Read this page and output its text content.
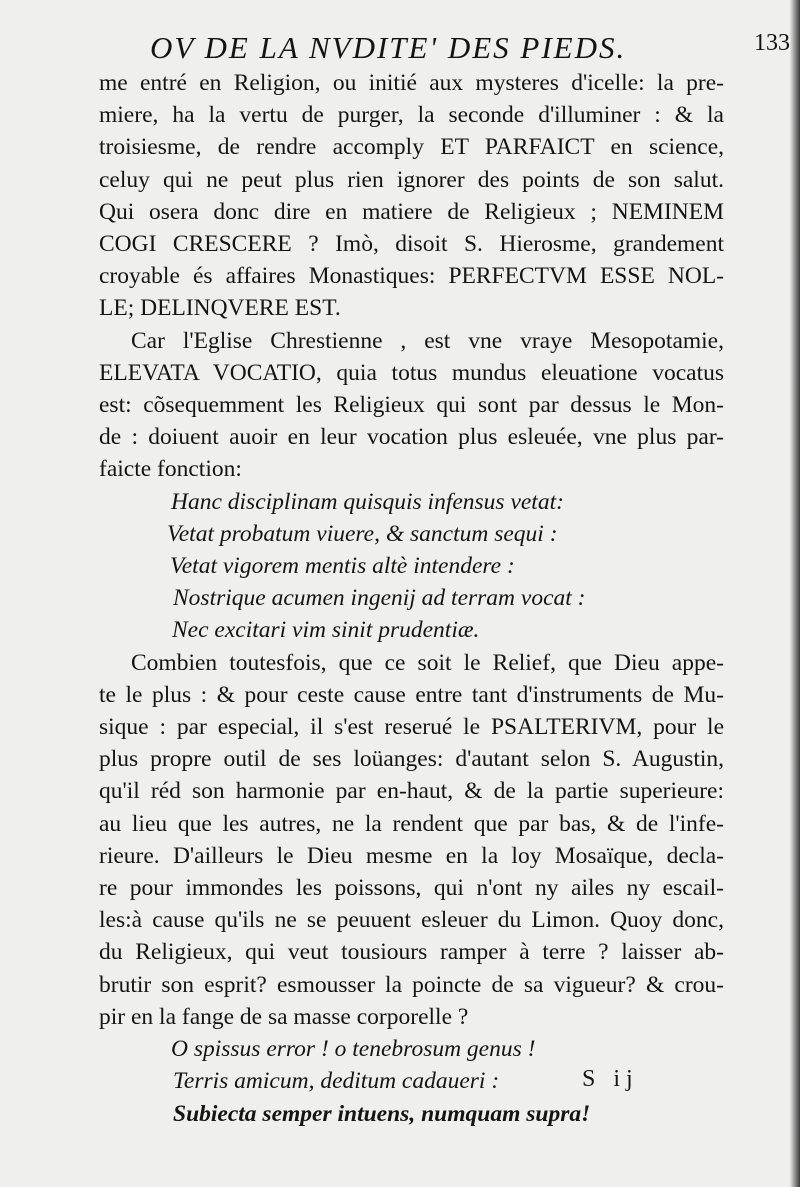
OV DE LA NVDITE' DES PIEDS.	133
me entré en Religion, ou initié aux mysteres d'icelle: la pre-
miere, ha la vertu de purger, la seconde d'illuminer : & la
troisiesme, de rendre accomply ET PARFAICT en science,
celuy qui ne peut plus rien ignorer des points de son salut.
Qui osera donc dire en matiere de Religieux ; NEMINEM
COGI CRESCERE ? Imò, disoit S. Hierosme, grandement
croyable és affaires Monastiques: PERFECTVM ESSE NOL-
LE; DELINQVERE EST.
Car l'Eglise Chrestienne , est vne vraye Mesopotamie,
ELEVATA VOCATIO, quia totus mundus eleuatione vocatus
est: cõsequemment les Religieux qui sont par dessus le Mon-
de : doiuent auoir en leur vocation plus esleuée, vne plus par-
faicte fonction:
Hanc disciplinam quisquis infensus vetat:
Vetat probatum viuere, & sanctum sequi :
Vetat vigorem mentis altè intendere :
Nostrique acumen ingenij ad terram vocat :
Nec excitari vim sinit prudentiæ.
Combien toutesfois, que ce soit le Relief, que Dieu appe-
te le plus : & pour ceste cause entre tant d'instruments de Mu-
sique : par especial, il s'est reserué le PSALTERIVM, pour le
plus propre outil de ses loüanges: d'autant selon S. Augustin,
qu'il réd son harmonie par en-haut, & de la partie superieure:
au lieu que les autres, ne la rendent que par bas, & de l'infe-
rieure. D'ailleurs le Dieu mesme en la loy Mosaïque, decla-
re pour immondes les poissons, qui n'ont ny ailes ny escail-
les:à cause qu'ils ne se peuuent esleuer du Limon. Quoy donc,
du Religieux, qui veut tousiours ramper à terre ? laisser ab-
brutir son esprit? esmousser la poincte de sa vigueur? & crou-
pir en la fange de sa masse corporelle ?
O spissus error ! o tenebrosum genus !
Terris amicum, deditum cadaueri :
Subiecta semper intuens, numquam supra!
S ij
